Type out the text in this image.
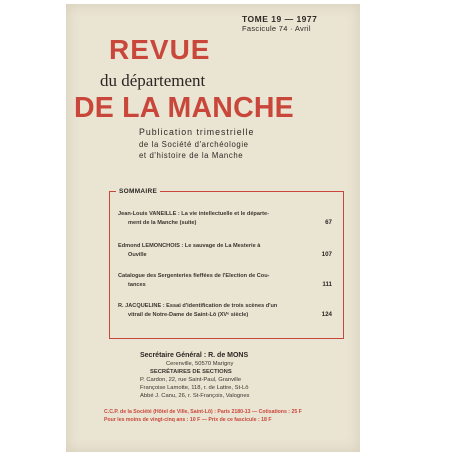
TOME 19 — 1977
Fascicule 74 · Avril
REVUE
du département
DE LA MANCHE
Publication trimestrielle
de la Société d'archéologie
et d'histoire de la Manche
SOMMAIRE
Jean-Louis VANEILLE : La vie intellectuelle et le départe-
ment de la Manche (suite)	67
Edmond LEMONCHOIS : Le sauvage de La Mesterie à
Ouville	107
Catalogue des Sergenteries fieffées de l'Election de Cou-
tances	111
R. JACQUELINE : Essai d'identification de trois scènes d'un
vitrail de Notre-Dame de Saint-Lô (XVᵉ siècle)	124
Secrétaire Général : R. de MONS
Cerenville, 50570 Marigny
SECRÉTAIRES DE SECTIONS
P. Cardon, 22, rue Saint-Paul, Granville
Françoise Lamotte, 118, r. de Lattre, St-Lô
Abbé J. Canu, 26, r. St-François, Valognes
C.C.P. de la Société (Hôtel de Ville, Saint-Lô) : Paris 2180-13 — Cotisations : 25 F
Pour les moins de vingt-cinq ans : 10 F — Prix de ce fascicule : 18 F
